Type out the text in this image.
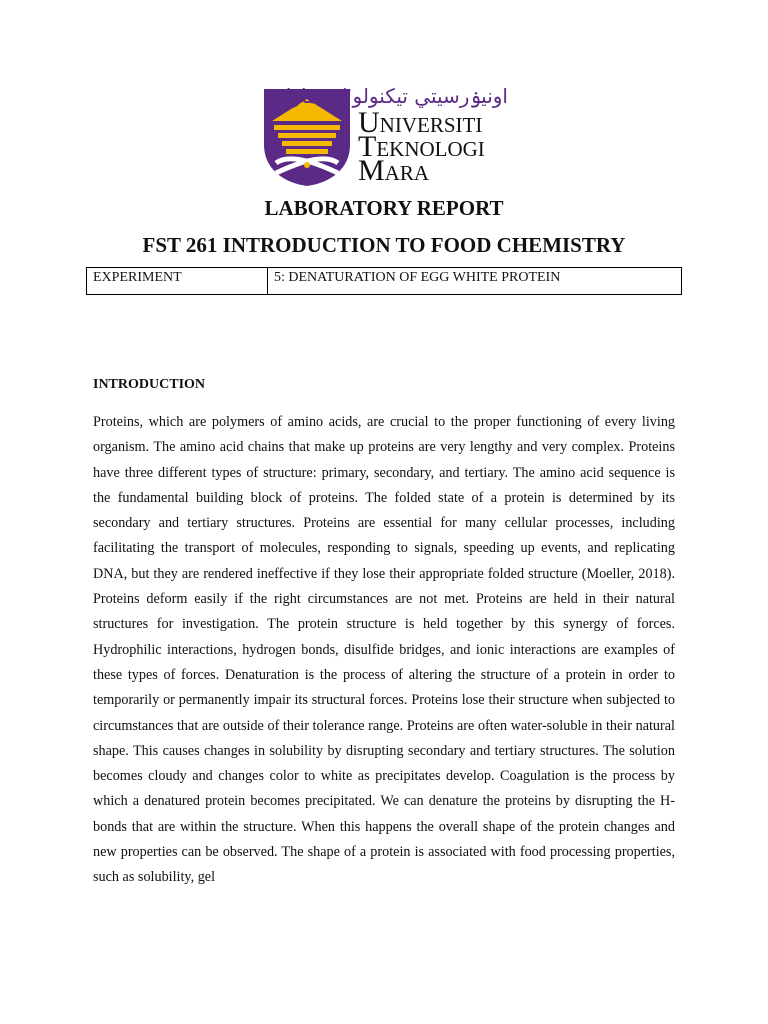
اونيۏرسيتي تيكنولوݢي مارا
Universiti
Teknologi
Mara
LABORATORY REPORT
FST 261 INTRODUCTION TO FOOD CHEMISTRY
EXPERIMENT	5: DENATURATION OF EGG WHITE PROTEIN
INTRODUCTION
Proteins, which are polymers of amino acids, are crucial to the proper functioning of every living organism. The amino acid chains that make up proteins are very lengthy and very complex. Proteins have three different types of structure: primary, secondary, and tertiary. The amino acid sequence is the fundamental building block of proteins. The folded state of a protein is determined by its secondary and tertiary structures. Proteins are essential for many cellular processes, including facilitating the transport of molecules, responding to signals, speeding up events, and replicating DNA, but they are rendered ineffective if they lose their appropriate folded structure (Moeller, 2018). Proteins deform easily if the right circumstances are not met. Proteins are held in their natural structures for investigation. The protein structure is held together by this synergy of forces. Hydrophilic interactions, hydrogen bonds, disulfide bridges, and ionic interactions are examples of these types of forces. Denaturation is the process of altering the structure of a protein in order to temporarily or permanently impair its structural forces. Proteins lose their structure when subjected to circumstances that are outside of their tolerance range. Proteins are often water-soluble in their natural shape. This causes changes in solubility by disrupting secondary and tertiary structures. The solution becomes cloudy and changes color to white as precipitates develop. Coagulation is the process by which a denatured protein becomes precipitated. We can denature the proteins by disrupting the H-bonds that are within the structure. When this happens the overall shape of the protein changes and new properties can be observed. The shape of a protein is associated with food processing properties, such as solubility, gel
